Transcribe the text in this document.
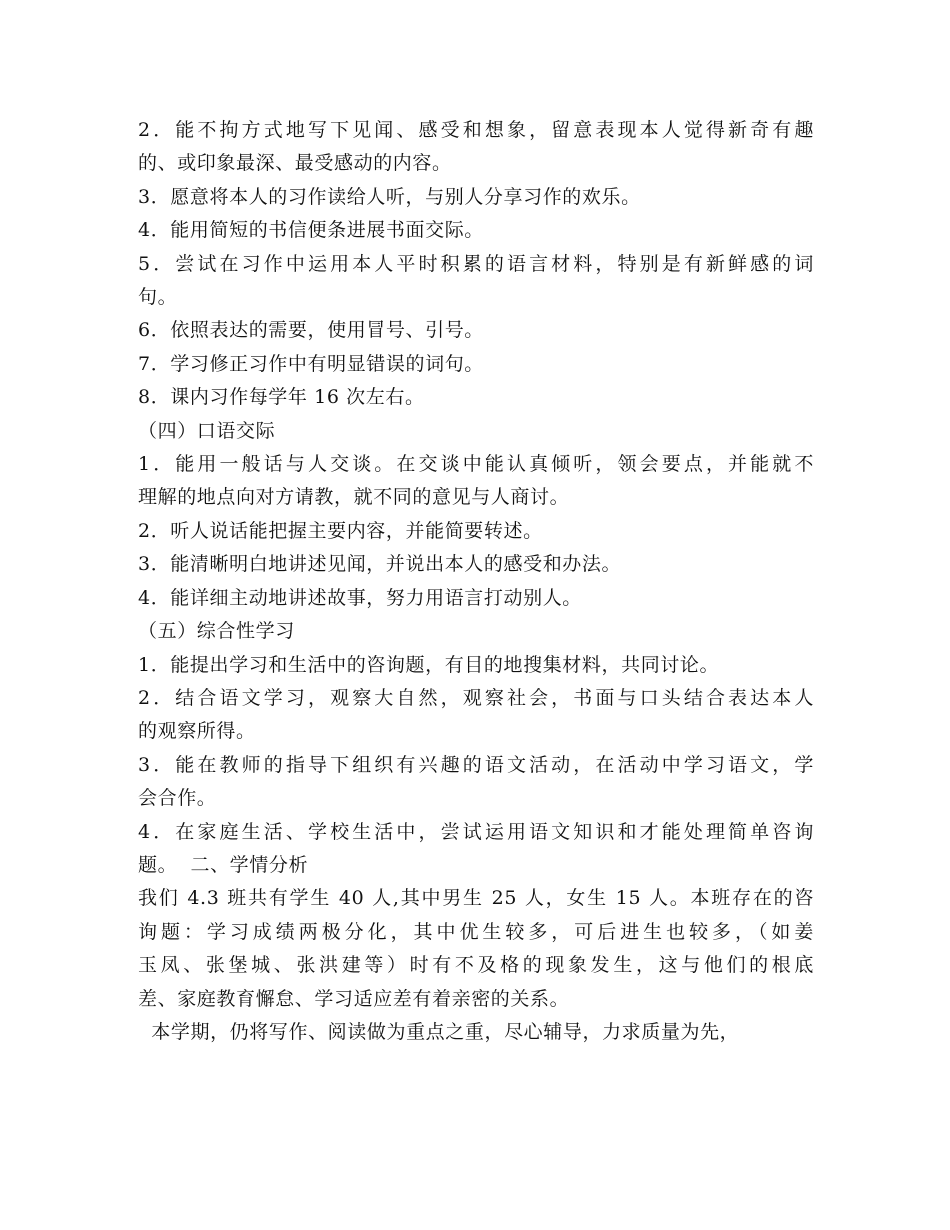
2．能不拘方式地写下见闻、感受和想象，留意表现本人觉得新奇有趣

的、或印象最深、最受感动的内容。

3．愿意将本人的习作读给人听，与别人分享习作的欢乐。

4．能用简短的书信便条进展书面交际。

5．尝试在习作中运用本人平时积累的语言材料，特别是有新鲜感的词

句。

6．依照表达的需要，使用冒号、引号。

7．学习修正习作中有明显错误的词句。

8．课内习作每学年 16 次左右。

（四）口语交际

1．能用一般话与人交谈。在交谈中能认真倾听，领会要点，并能就不

理解的地点向对方请教，就不同的意见与人商讨。

2．听人说话能把握主要内容，并能简要转述。

3．能清晰明白地讲述见闻，并说出本人的感受和办法。

4．能详细主动地讲述故事，努力用语言打动别人。

（五）综合性学习

1．能提出学习和生活中的咨询题，有目的地搜集材料，共同讨论。

2．结合语文学习，观察大自然，观察社会，书面与口头结合表达本人

的观察所得。

3．能在教师的指导下组织有兴趣的语文活动，在活动中学习语文，学

会合作。

4．在家庭生活、学校生活中，尝试运用语文知识和才能处理简单咨询

题。  二、学情分析

我们 4.3 班共有学生 40 人,其中男生 25 人，女生 15 人。本班存在的咨

询题：学习成绩两极分化，其中优生较多，可后进生也较多，（如姜

玉凤、张堡城、张洪建等）时有不及格的现象发生，这与他们的根底

差、家庭教育懈怠、学习适应差有着亲密的关系。

本学期，仍将写作、阅读做为重点之重，尽心辅导，力求质量为先，
